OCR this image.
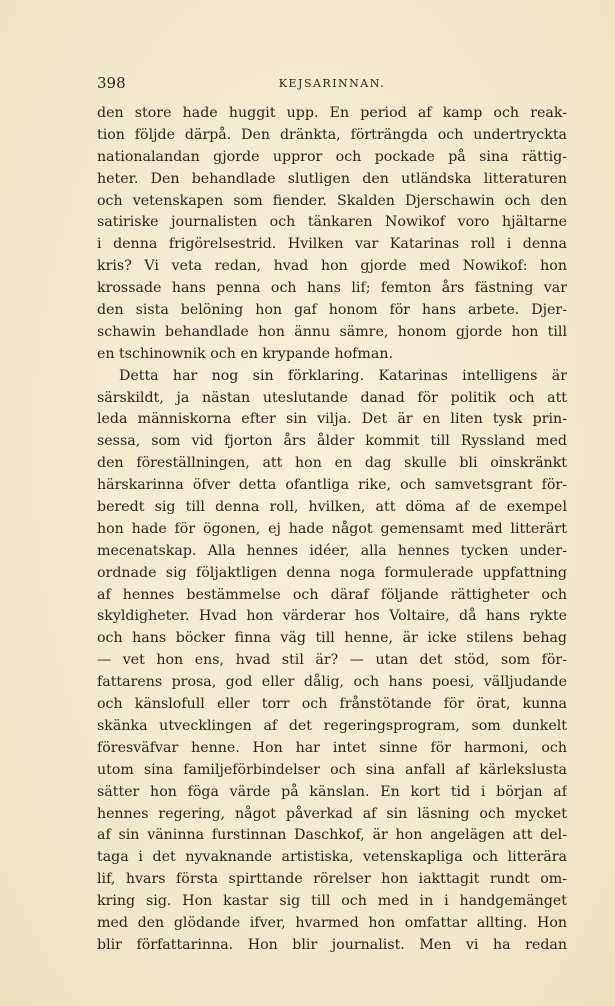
398	KEJSARINNAN.
den store hade huggit upp. En period af kamp och reak-
tion följde därpå. Den dränkta, förträngda och undertryckta
nationalandan gjorde uppror och pockade på sina rättig-
heter. Den behandlade slutligen den utländska litteraturen
och vetenskapen som fiender. Skalden Djerschawin och den
satiriske journalisten och tänkaren Nowikof voro hjältarne
i denna frigörelsestrid. Hvilken var Katarinas roll i denna
kris? Vi veta redan, hvad hon gjorde med Nowikof: hon
krossade hans penna och hans lif; femton års fästning var
den sista belöning hon gaf honom för hans arbete. Djer-
schawin behandlade hon ännu sämre, honom gjorde hon till
en tschinownik och en krypande hofman.
Detta har nog sin förklaring. Katarinas intelligens är
särskildt, ja nästan uteslutande danad för politik och att
leda människorna efter sin vilja. Det är en liten tysk prin-
sessa, som vid fjorton års ålder kommit till Ryssland med
den föreställningen, att hon en dag skulle bli oinskränkt
härskarinna öfver detta ofantliga rike, och samvetsgrant för-
beredt sig till denna roll, hvilken, att döma af de exempel
hon hade för ögonen, ej hade något gemensamt med litterärt
mecenatskap. Alla hennes idéer, alla hennes tycken under-
ordnade sig följaktligen denna noga formulerade uppfattning
af hennes bestämmelse och däraf följande rättigheter och
skyldigheter. Hvad hon värderar hos Voltaire, då hans rykte
och hans böcker finna väg till henne, är icke stilens behag
— vet hon ens, hvad stil är? — utan det stöd, som för-
fattarens prosa, god eller dålig, och hans poesi, välljudande
och känslofull eller torr och frånstötande för örat, kunna
skänka utvecklingen af det regeringsprogram, som dunkelt
föresväfvar henne. Hon har intet sinne för harmoni, och
utom sina familjeförbindelser och sina anfall af kärlekslusta
sätter hon föga värde på känslan. En kort tid i början af
hennes regering, något påverkad af sin läsning och mycket
af sin väninna furstinnan Daschkof, är hon angelägen att del-
taga i det nyvaknande artistiska, vetenskapliga och litterära
lif, hvars första spirttande rörelser hon iakttagit rundt om-
kring sig. Hon kastar sig till och med in i handgemänget
med den glödande ifver, hvarmed hon omfattar allting. Hon
blir författarinna. Hon blir journalist. Men vi ha redan
